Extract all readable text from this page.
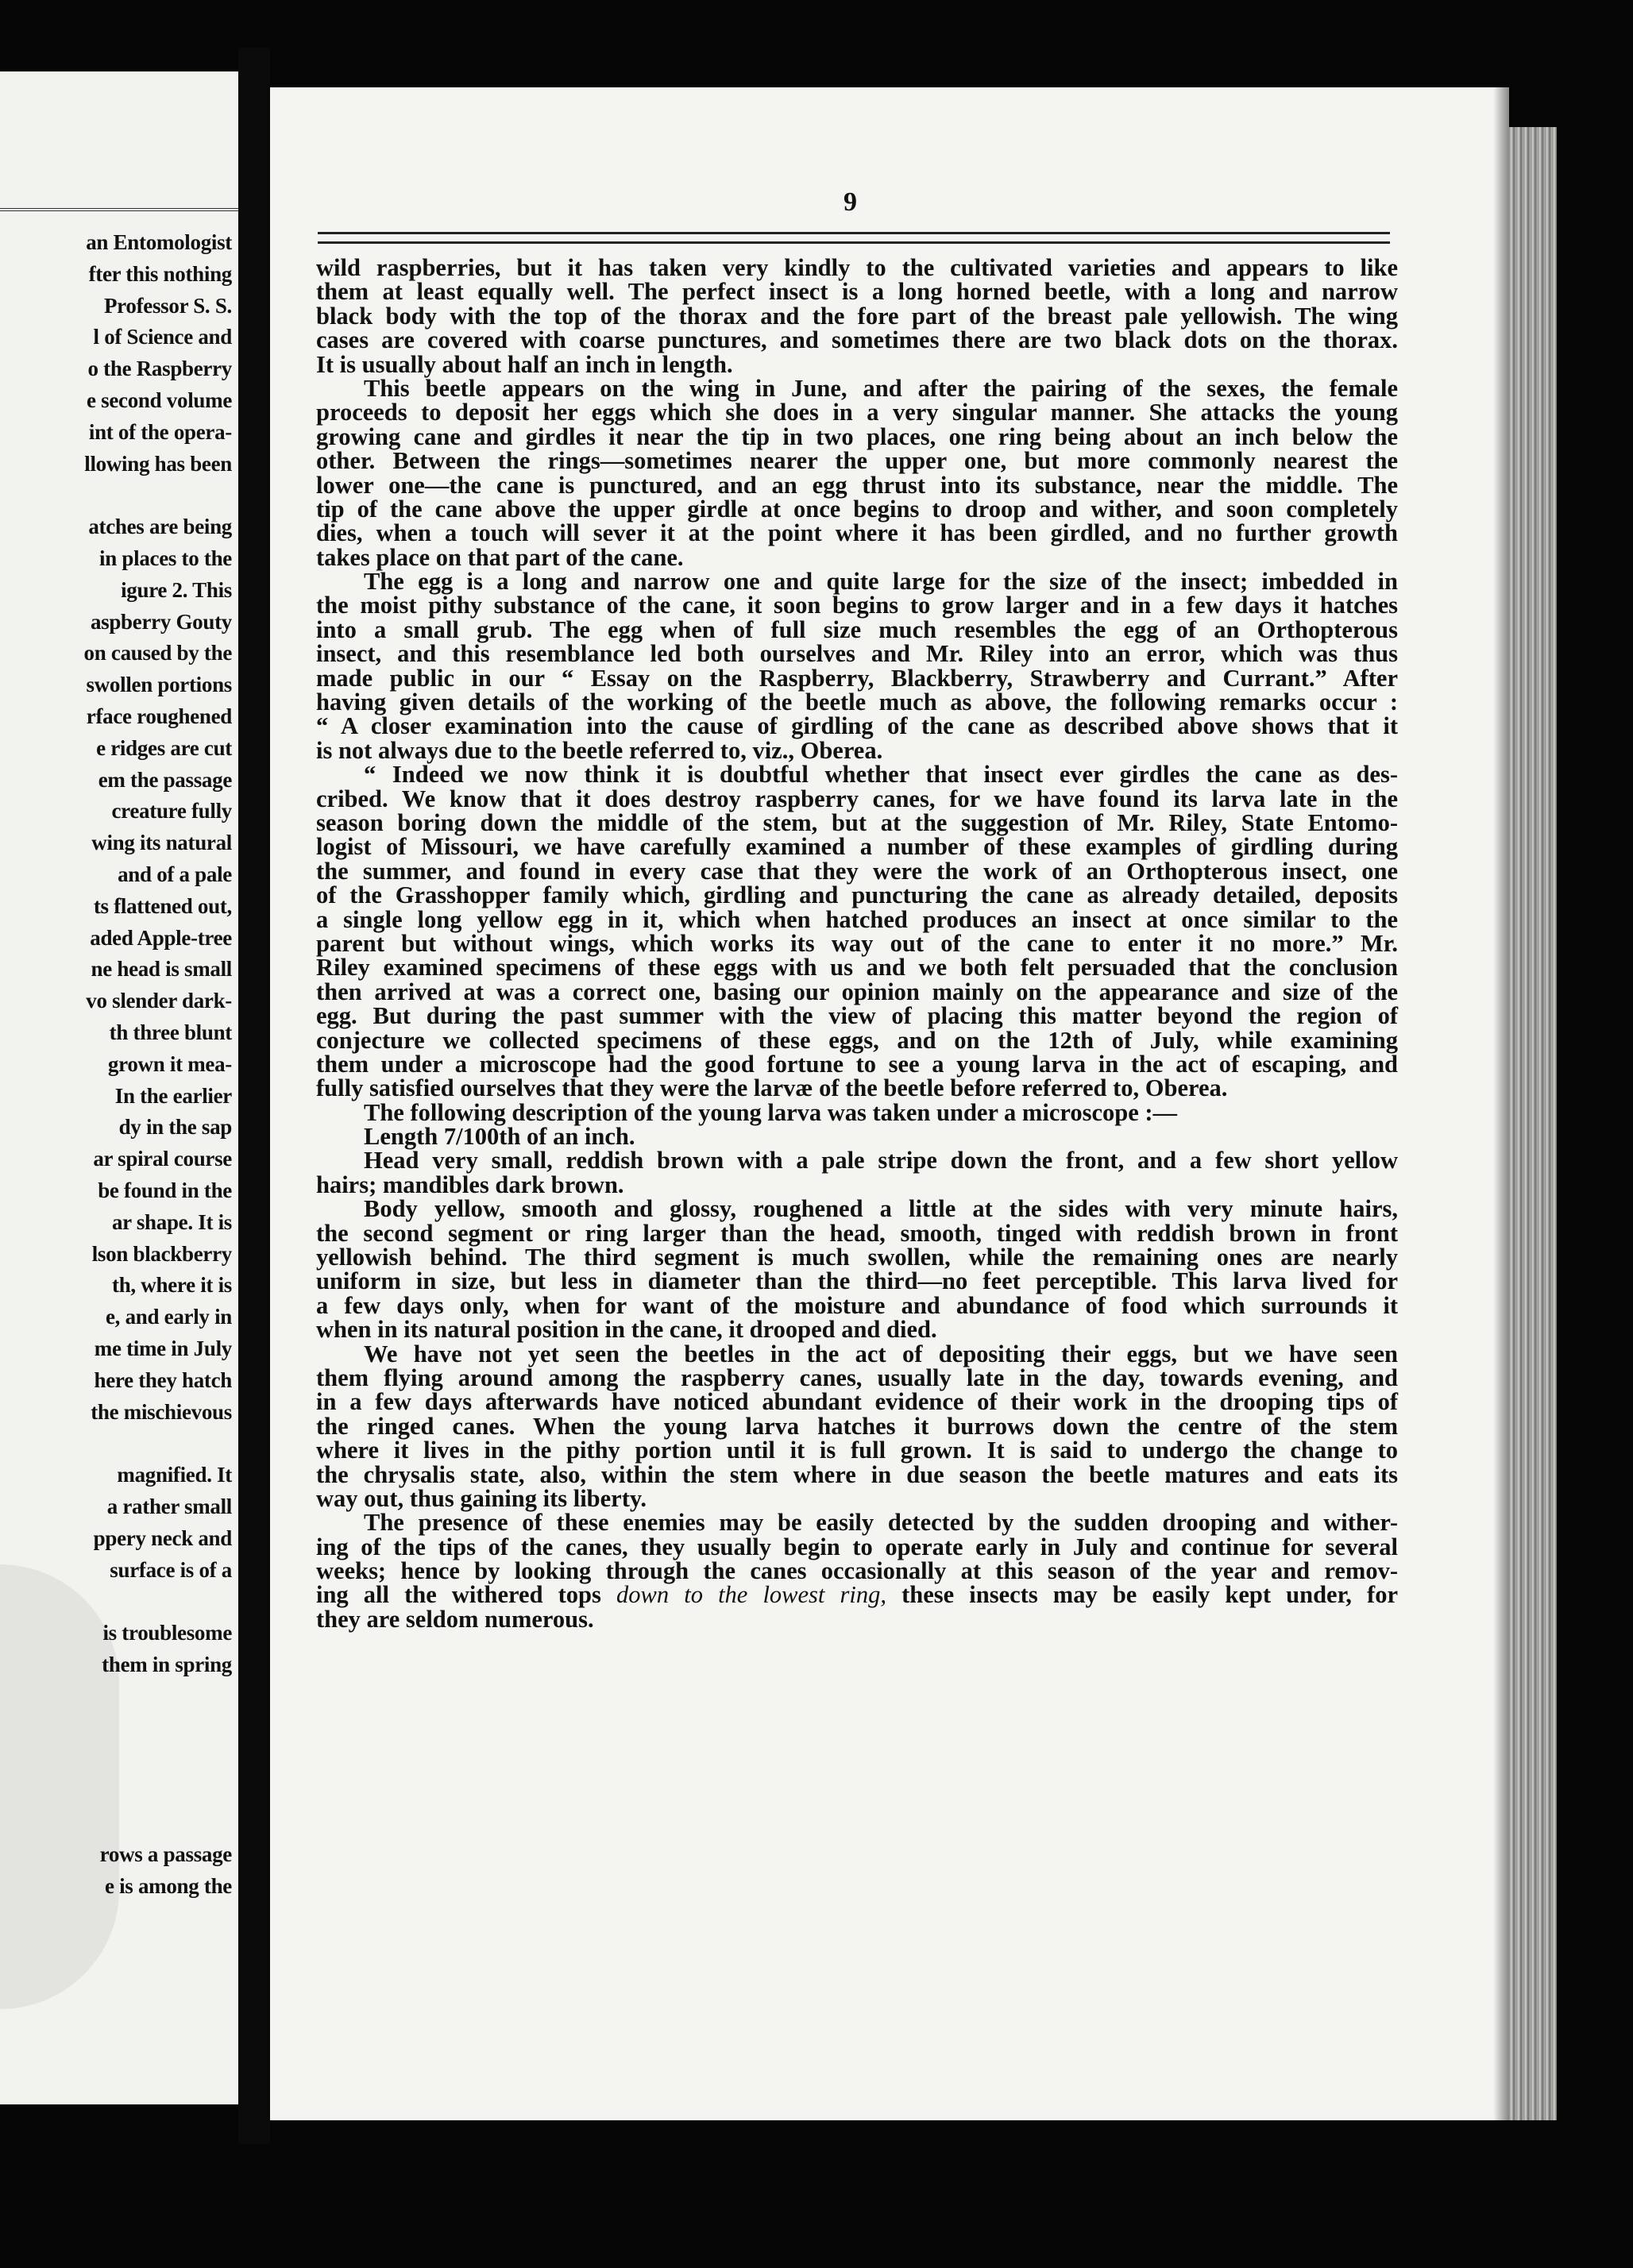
an Entomologist
fter this nothing
Professor S. S.
l of Science and
o the Raspberry
e second volume
int of the opera-
llowing has been
atches are being
in places to the
igure 2. This
aspberry Gouty
on caused by the
swollen portions
rface roughened
e ridges are cut
em the passage
creature fully
wing its natural
and of a pale
ts flattened out,
aded Apple-tree
ne head is small
vo slender dark-
th three blunt
grown it mea-
In the earlier
dy in the sap
ar spiral course
be found in the
ar shape. It is
lson blackberry
th, where it is
e, and early in
me time in July
here they hatch
the mischievous
magnified. It
a rather small
ppery neck and
surface is of a
is troublesome
them in spring
rows a passage
e is among the
9
wild raspberries, but it has taken very kindly to the cultivated varieties and appears to like
them at least equally well. The perfect insect is a long horned beetle, with a long and narrow
black body with the top of the thorax and the fore part of the breast pale yellowish. The wing
cases are covered with coarse punctures, and sometimes there are two black dots on the thorax.
It is usually about half an inch in length.
This beetle appears on the wing in June, and after the pairing of the sexes, the female
proceeds to deposit her eggs which she does in a very singular manner. She attacks the young
growing cane and girdles it near the tip in two places, one ring being about an inch below the
other. Between the rings—sometimes nearer the upper one, but more commonly nearest the
lower one—the cane is punctured, and an egg thrust into its substance, near the middle. The
tip of the cane above the upper girdle at once begins to droop and wither, and soon completely
dies, when a touch will sever it at the point where it has been girdled, and no further growth
takes place on that part of the cane.
The egg is a long and narrow one and quite large for the size of the insect; imbedded in
the moist pithy substance of the cane, it soon begins to grow larger and in a few days it hatches
into a small grub. The egg when of full size much resembles the egg of an Orthopterous
insect, and this resemblance led both ourselves and Mr. Riley into an error, which was thus
made public in our “ Essay on the Raspberry, Blackberry, Strawberry and Currant.” After
having given details of the working of the beetle much as above, the following remarks occur :
“ A closer examination into the cause of girdling of the cane as described above shows that it
is not always due to the beetle referred to, viz., Oberea.
“ Indeed we now think it is doubtful whether that insect ever girdles the cane as des-
cribed. We know that it does destroy raspberry canes, for we have found its larva late in the
season boring down the middle of the stem, but at the suggestion of Mr. Riley, State Entomo-
logist of Missouri, we have carefully examined a number of these examples of girdling during
the summer, and found in every case that they were the work of an Orthopterous insect, one
of the Grasshopper family which, girdling and puncturing the cane as already detailed, deposits
a single long yellow egg in it, which when hatched produces an insect at once similar to the
parent but without wings, which works its way out of the cane to enter it no more.” Mr.
Riley examined specimens of these eggs with us and we both felt persuaded that the conclusion
then arrived at was a correct one, basing our opinion mainly on the appearance and size of the
egg. But during the past summer with the view of placing this matter beyond the region of
conjecture we collected specimens of these eggs, and on the 12th of July, while examining
them under a microscope had the good fortune to see a young larva in the act of escaping, and
fully satisfied ourselves that they were the larvæ of the beetle before referred to, Oberea.
The following description of the young larva was taken under a microscope :—
Length 7/100th of an inch.
Head very small, reddish brown with a pale stripe down the front, and a few short yellow
hairs; mandibles dark brown.
Body yellow, smooth and glossy, roughened a little at the sides with very minute hairs,
the second segment or ring larger than the head, smooth, tinged with reddish brown in front
yellowish behind. The third segment is much swollen, while the remaining ones are nearly
uniform in size, but less in diameter than the third—no feet perceptible. This larva lived for
a few days only, when for want of the moisture and abundance of food which surrounds it
when in its natural position in the cane, it drooped and died.
We have not yet seen the beetles in the act of depositing their eggs, but we have seen
them flying around among the raspberry canes, usually late in the day, towards evening, and
in a few days afterwards have noticed abundant evidence of their work in the drooping tips of
the ringed canes. When the young larva hatches it burrows down the centre of the stem
where it lives in the pithy portion until it is full grown. It is said to undergo the change to
the chrysalis state, also, within the stem where in due season the beetle matures and eats its
way out, thus gaining its liberty.
The presence of these enemies may be easily detected by the sudden drooping and wither-
ing of the tips of the canes, they usually begin to operate early in July and continue for several
weeks; hence by looking through the canes occasionally at this season of the year and remov-
ing all the withered tops down to the lowest ring, these insects may be easily kept under, for
they are seldom numerous.
